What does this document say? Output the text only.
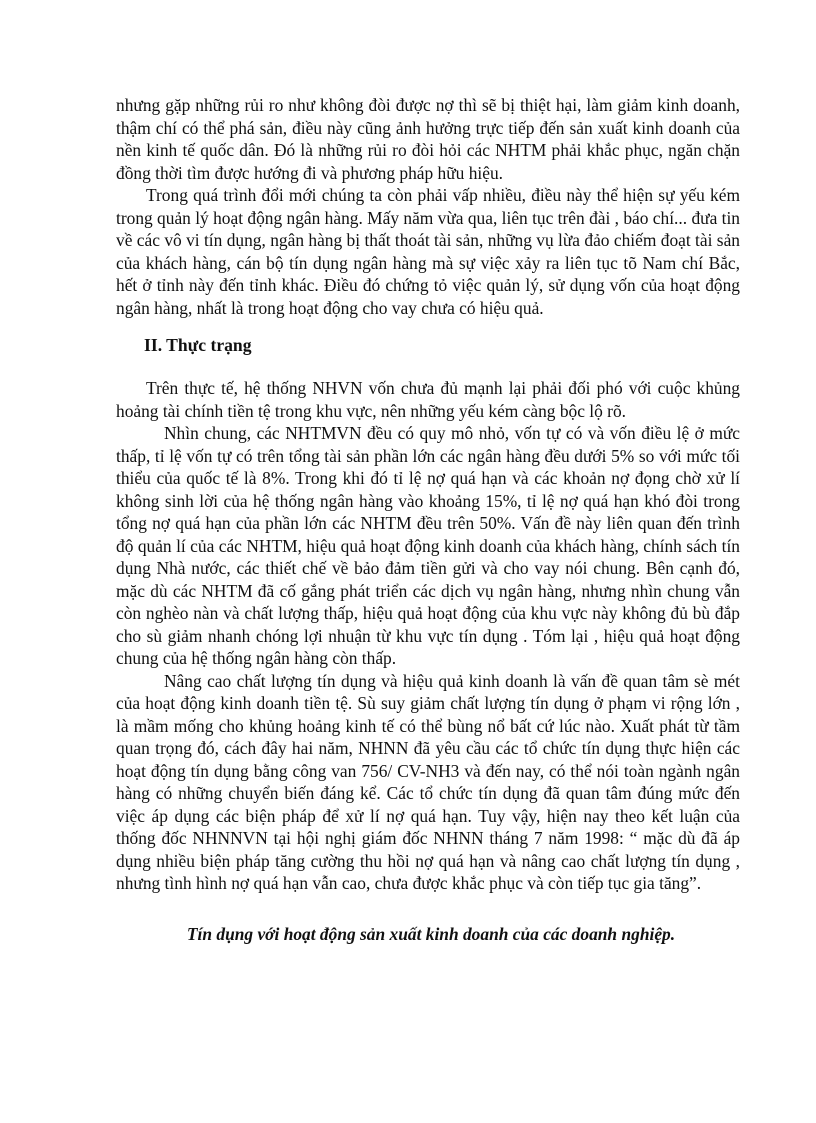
nhưng gặp những rủi ro như không đòi được nợ thì sẽ bị thiệt hại, làm giảm kinh doanh, thậm chí có thể phá sản, điều này cũng ảnh hưởng trực tiếp đến sản xuất kinh doanh của nền kinh tế quốc dân. Đó là những rủi ro đòi hỏi các NHTM phải khắc phục, ngăn chặn đồng thời tìm được hướng đi và phương pháp hữu hiệu.

Trong quá trình đổi mới chúng ta còn phải vấp nhiều, điều này thể hiện sự yếu kém trong quản lý hoạt động ngân hàng. Mấy năm vừa qua, liên tục trên đài , báo chí... đưa tin về các vô vi tín dụng, ngân hàng bị thất thoát tài sản, những vụ lừa đảo chiếm đoạt tài sản của khách hàng, cán bộ tín dụng ngân hàng mà sự việc xảy ra liên tục tõ Nam chí Bắc, hết ở tỉnh này đến tỉnh khác. Điều đó chứng tỏ việc quản lý, sử dụng vốn của hoạt động ngân hàng, nhất là trong hoạt động cho vay chưa có hiệu quả.

II. Thực trạng

Trên thực tế, hệ thống NHVN vốn chưa đủ mạnh lại phải đối phó với cuộc khủng hoảng tài chính tiền tệ trong khu vực, nên những yếu kém càng bộc lộ rõ.

Nhìn chung, các NHTMVN đều có quy mô nhỏ, vốn tự có và vốn điều lệ ở mức thấp, tỉ lệ vốn tự có trên tổng tài sản phần lớn các ngân hàng đều dưới 5% so với mức tối thiểu của quốc tế là 8%. Trong khi đó tỉ lệ nợ quá hạn và các khoản nợ đọng chờ xử lí không sinh lời của hệ thống ngân hàng vào khoảng 15%, tỉ lệ nợ quá hạn khó đòi trong tổng nợ quá hạn của phần lớn các NHTM đều trên 50%. Vấn đề này liên quan đến trình độ quản lí của các NHTM, hiệu quả hoạt động kinh doanh của khách hàng, chính sách tín dụng Nhà nước, các thiết chế về bảo đảm tiền gửi và cho vay nói chung. Bên cạnh đó, mặc dù các NHTM đã cố gắng phát triển các dịch vụ ngân hàng, nhưng nhìn chung vẫn còn nghèo nàn và chất lượng thấp, hiệu quả hoạt động của khu vực này không đủ bù đắp cho sù giảm nhanh chóng lợi nhuận từ khu vực tín dụng . Tóm lại , hiệu quả hoạt động chung của hệ thống ngân hàng còn thấp.

Nâng cao chất lượng tín dụng và hiệu quả kinh doanh là vấn đề quan tâm sè mét của hoạt động kinh doanh tiền tệ. Sù suy giảm chất lượng tín dụng ở phạm vi rộng lớn , là mầm mống cho khủng hoảng kinh tế có thể bùng nổ bất cứ lúc nào. Xuất phát từ tầm quan trọng đó, cách đây hai năm, NHNN đã yêu cầu các tổ chức tín dụng thực hiện các hoạt động tín dụng bằng công van 756/ CV-NH3 và đến nay, có thể nói toàn ngành ngân hàng có những chuyển biến đáng kể. Các tổ chức tín dụng đã quan tâm đúng mức đến việc áp dụng các biện pháp để xử lí nợ quá hạn. Tuy vậy, hiện nay theo kết luận của thống đốc NHNNVN tại hội nghị giám đốc NHNN tháng 7 năm 1998: “ mặc dù đã áp dụng nhiều biện pháp tăng cường thu hồi nợ quá hạn và nâng cao chất lượng tín dụng , nhưng tình hình nợ quá hạn vẫn cao, chưa được khắc phục và còn tiếp tục gia tăng”.

Tín dụng với hoạt động sản xuất kinh doanh của các doanh nghiệp.
